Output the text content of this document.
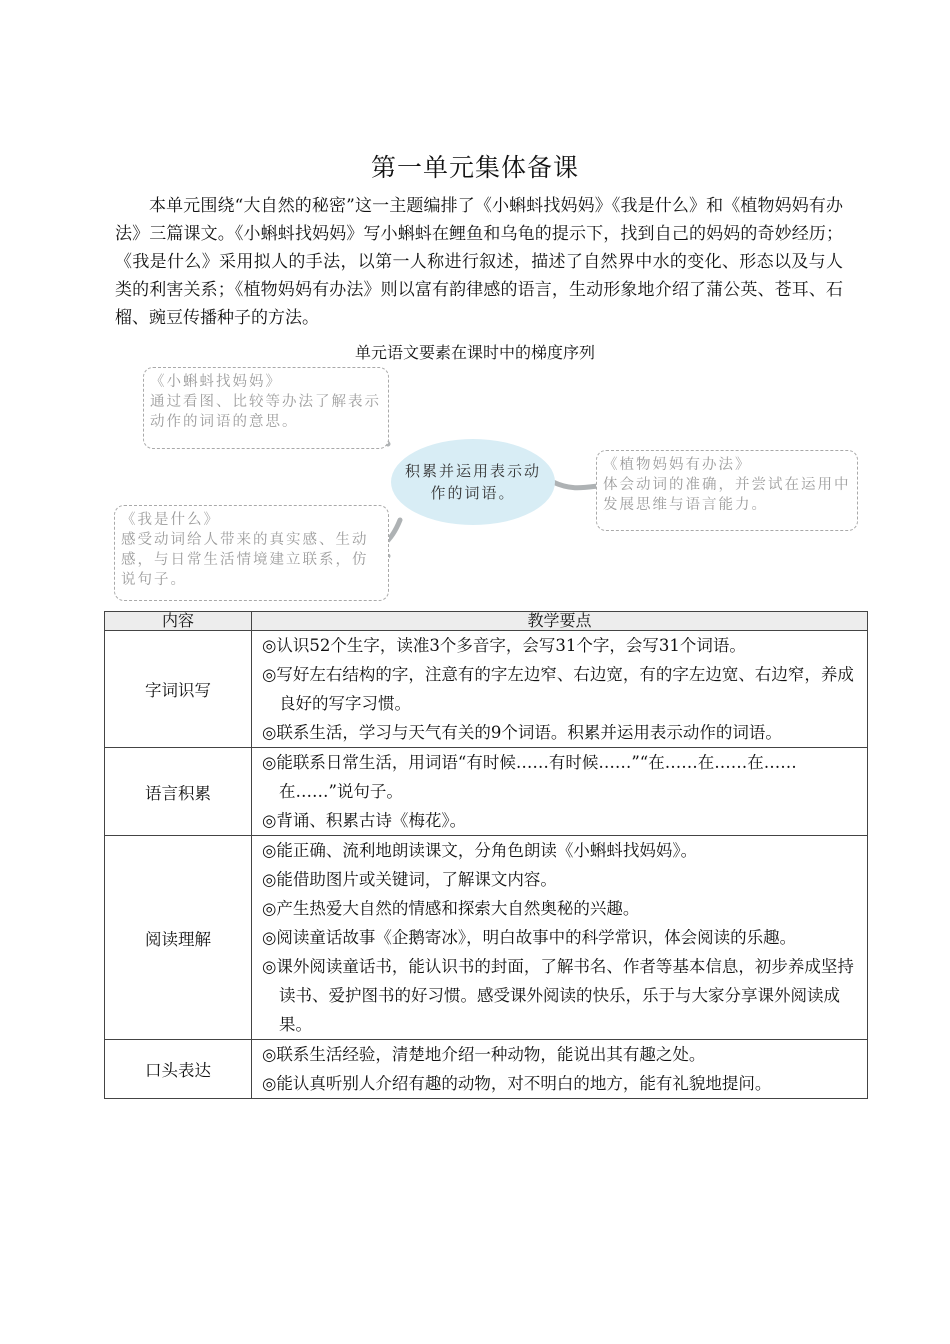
第一单元集体备课
本单元围绕“大自然的秘密”这一主题编排了《小蝌蚪找妈妈》《我是什么》和《植物妈妈有办法》三篇课文。《小蝌蚪找妈妈》写小蝌蚪在鲤鱼和乌龟的提示下，找到自己的妈妈的奇妙经历；《我是什么》采用拟人的手法，以第一人称进行叙述，描述了自然界中水的变化、形态以及与人类的利害关系；《植物妈妈有办法》则以富有韵律感的语言，生动形象地介绍了蒲公英、苍耳、石榴、豌豆传播种子的方法。
单元语文要素在课时中的梯度序列
《小蝌蚪找妈妈》
通过看图、比较等办法了解表示动作的词语的意思。
《我是什么》
感受动词给人带来的真实感、生动感，与日常生活情境建立联系，仿说句子。
《植物妈妈有办法》
体会动词的准确，并尝试在运用中发展思维与语言能力。
积累并运用表示动作的词语。
内容	教学要点
字词识写	◎认识52个生字，读准3个多音字，会写31个字，会写31个词语。
◎写好左右结构的字，注意有的字左边窄、右边宽，有的字左边宽、右边窄，养成良好的写字习惯。
◎联系生活，学习与天气有关的9个词语。积累并运用表示动作的词语。

语言积累	◎能联系日常生活，用词语“有时候……有时候……”“在……在……在……在……”说句子。
◎背诵、积累古诗《梅花》。

阅读理解	◎能正确、流利地朗读课文，分角色朗读《小蝌蚪找妈妈》。
◎能借助图片或关键词，了解课文内容。
◎产生热爱大自然的情感和探索大自然奥秘的兴趣。
◎阅读童话故事《企鹅寄冰》，明白故事中的科学常识，体会阅读的乐趣。
◎课外阅读童话书，能认识书的封面，了解书名、作者等基本信息，初步养成坚持读书、爱护图书的好习惯。感受课外阅读的快乐，乐于与大家分享课外阅读成果。

口头表达	◎联系生活经验，清楚地介绍一种动物，能说出其有趣之处。
◎能认真听别人介绍有趣的动物，对不明白的地方，能有礼貌地提问。
